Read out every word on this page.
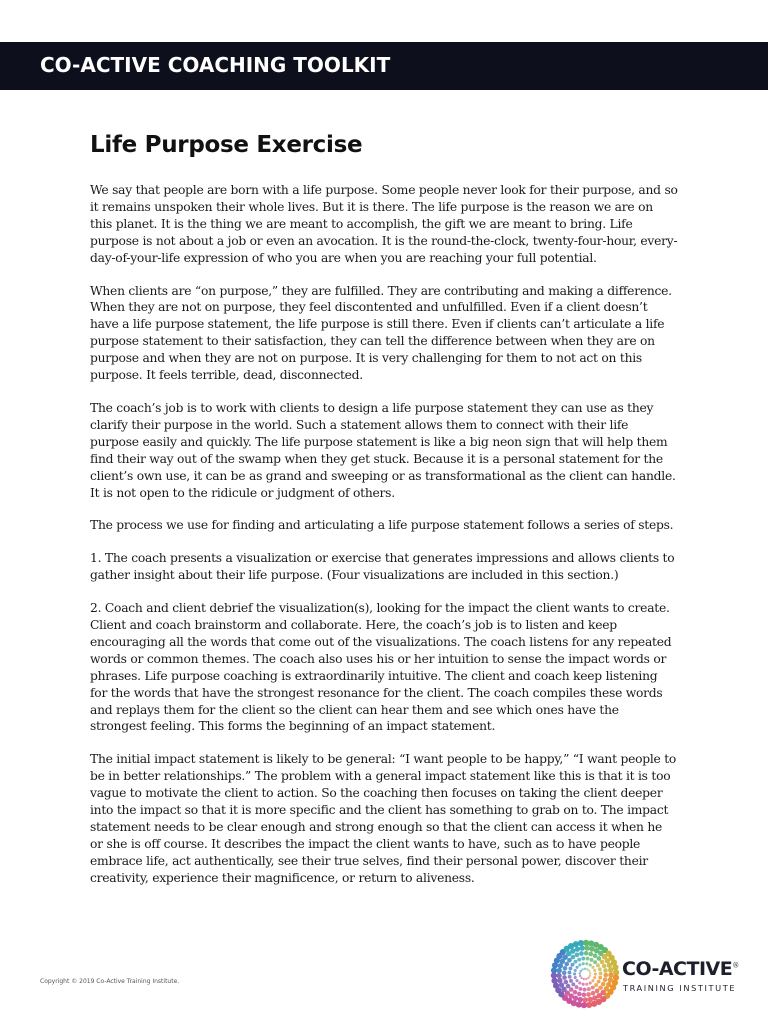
CO-ACTIVE COACHING TOOLKIT
Life Purpose Exercise

We say that people are born with a life purpose. Some people never look for their purpose, and so it remains unspoken their whole lives. But it is there. The life purpose is the reason we are on this planet. It is the thing we are meant to accomplish, the gift we are meant to bring. Life purpose is not about a job or even an avocation. It is the round-the-clock, twenty-four-hour, every-day-of-your-life expression of who you are when you are reaching your full potential.

When clients are “on purpose,” they are fulfilled. They are contributing and making a difference. When they are not on purpose, they feel discontented and unfulfilled. Even if a client doesn’t have a life purpose statement, the life purpose is still there. Even if clients can’t articulate a life purpose statement to their satisfaction, they can tell the difference between when they are on purpose and when they are not on purpose. It is very challenging for them to not act on this purpose. It feels terrible, dead, disconnected.

The coach’s job is to work with clients to design a life purpose statement they can use as they clarify their purpose in the world. Such a statement allows them to connect with their life purpose easily and quickly. The life purpose statement is like a big neon sign that will help them find their way out of the swamp when they get stuck. Because it is a personal statement for the client’s own use, it can be as grand and sweeping or as transformational as the client can handle. It is not open to the ridicule or judgment of others.

The process we use for finding and articulating a life purpose statement follows a series of steps.

1. The coach presents a visualization or exercise that generates impressions and allows clients to gather insight about their life purpose. (Four visualizations are included in this section.)

2. Coach and client debrief the visualization(s), looking for the impact the client wants to create. Client and coach brainstorm and collaborate. Here, the coach’s job is to listen and keep encouraging all the words that come out of the visualizations. The coach listens for any repeated words or common themes. The coach also uses his or her intuition to sense the impact words or phrases. Life purpose coaching is extraordinarily intuitive. The client and coach keep listening for the words that have the strongest resonance for the client. The coach compiles these words and replays them for the client so the client can hear them and see which ones have the strongest feeling. This forms the beginning of an impact statement.

The initial impact statement is likely to be general: “I want people to be happy,” “I want people to be in better relationships.” The problem with a general impact statement like this is that it is too vague to motivate the client to action. So the coaching then focuses on taking the client deeper into the impact so that it is more specific and the client has something to grab on to. The impact statement needs to be clear enough and strong enough so that the client can access it when he or she is off course. It describes the impact the client wants to have, such as to have people embrace life, act authentically, see their true selves, find their personal power, discover their creativity, experience their magnificence, or return to aliveness.

Copyright © 2019 Co-Active Training Institute.
CO-ACTIVE®
TRAINING INSTITUTE
